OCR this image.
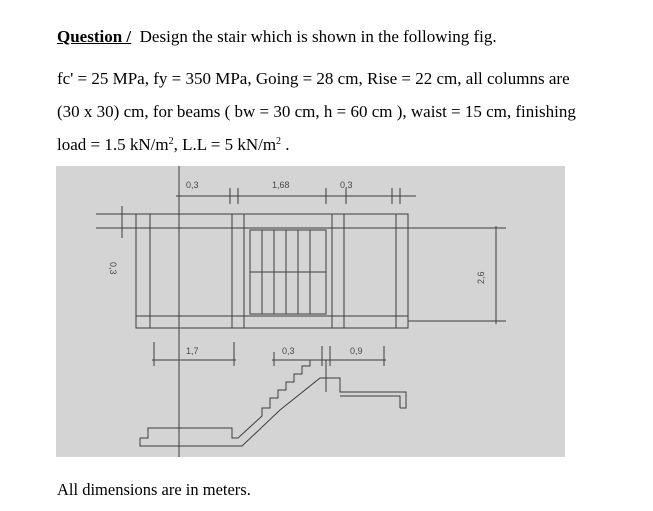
Question / Design the stair which is shown in the following fig.
fc' = 25 MPa, fy = 350 MPa, Going = 28 cm, Rise = 22 cm, all columns are
(30 x 30) cm, for beams ( bw = 30 cm, h = 60 cm ), waist = 15 cm, finishing
load = 1.5 $kN/m^2$, L.L = 5 $kN/m^2$ .
0,3	1,68	0,3
0,3
2,6
1,7	0,3	0,9
All dimensions are in meters.
